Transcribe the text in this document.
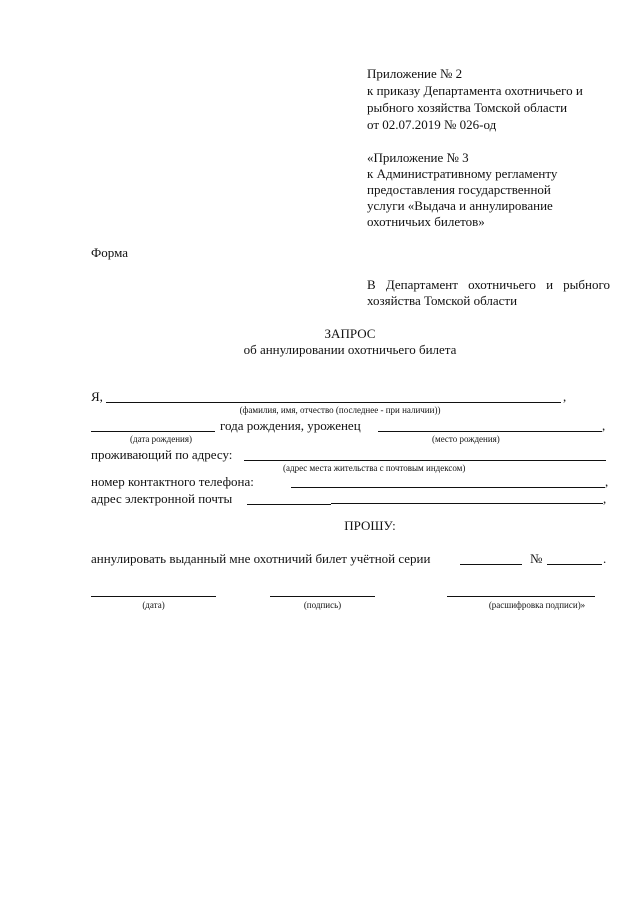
Приложение № 2
к приказу Департамента охотничьего и
рыбного хозяйства Томской области
от 02.07.2019 № 026-од
«Приложение № 3
к Административному регламенту
предоставления государственной
услуги «Выдача и аннулирование
охотничьих билетов»
Форма
В Департамент охотничьего и рыбного
хозяйства Томской области
ЗАПРОС
об аннулировании охотничьего билета
Я,	,
(фамилия, имя, отчество (последнее - при наличии))
года рождения, уроженец	,
(дата рождения)	(место рождения)
проживающий по адресу:
(адрес места жительства с почтовым индексом)
номер контактного телефона:	,
адрес электронной почты	,
ПРОШУ:
аннулировать выданный мне охотничий билет учётной серии	№	.
(дата)	(подпись)	(расшифровка подписи)»
